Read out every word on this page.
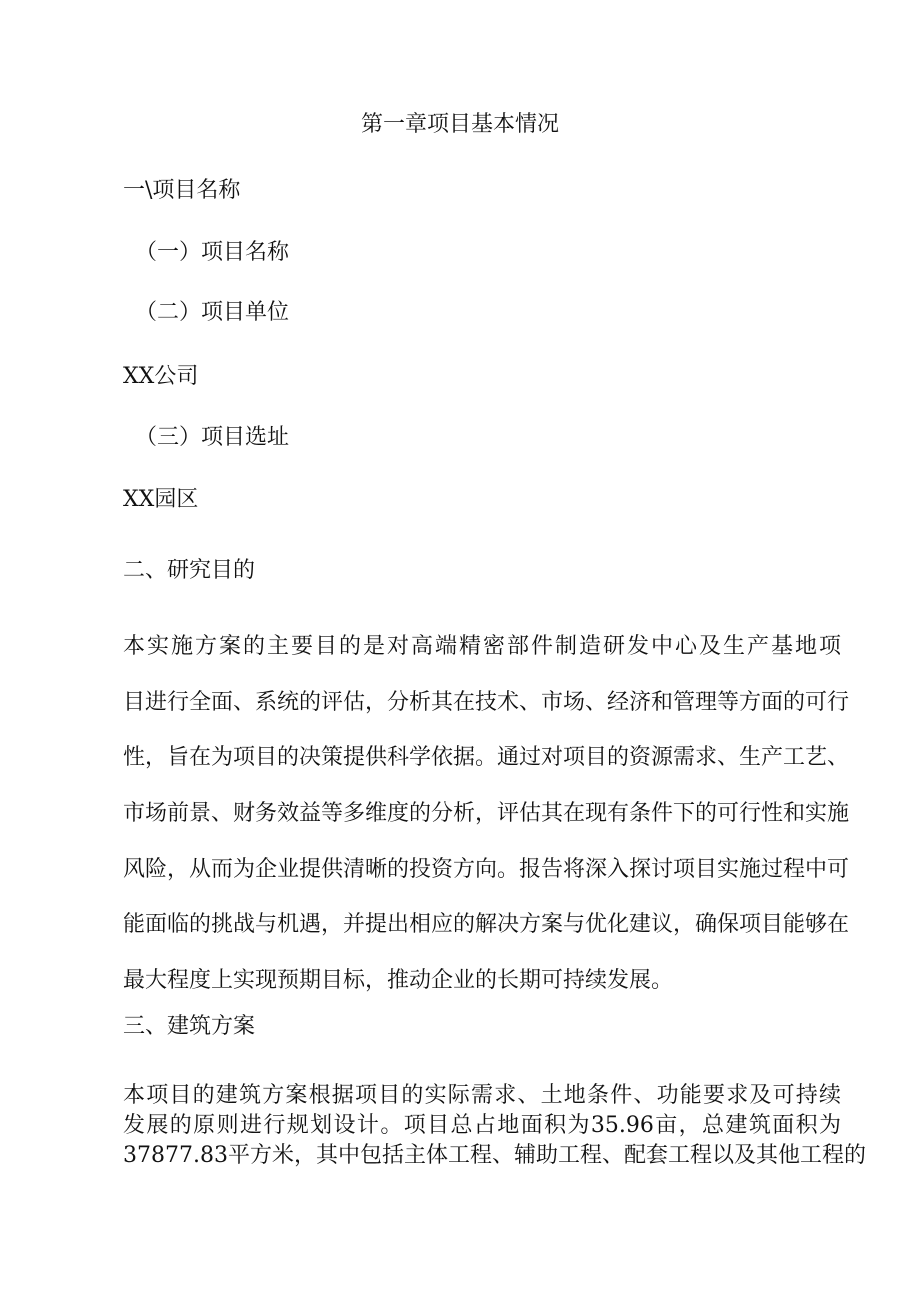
第一章项目基本情况

一\项目名称

（一）项目名称

（二）项目单位

XX公司

（三）项目选址

XX园区

二、研究目的

本实施方案的主要目的是对高端精密部件制造研发中心及生产基地项
目进行全面、系统的评估，分析其在技术、市场、经济和管理等方面的可行
性，旨在为项目的决策提供科学依据。通过对项目的资源需求、生产工艺、
市场前景、财务效益等多维度的分析，评估其在现有条件下的可行性和实施
风险，从而为企业提供清晰的投资方向。报告将深入探讨项目实施过程中可
能面临的挑战与机遇，并提出相应的解决方案与优化建议，确保项目能够在
最大程度上实现预期目标，推动企业的长期可持续发展。

三、建筑方案

本项目的建筑方案根据项目的实际需求、土地条件、功能要求及可持续
发展的原则进行规划设计。项目总占地面积为35.96亩，总建筑面积为
37877.83平方米，其中包括主体工程、辅助工程、配套工程以及其他工程的
